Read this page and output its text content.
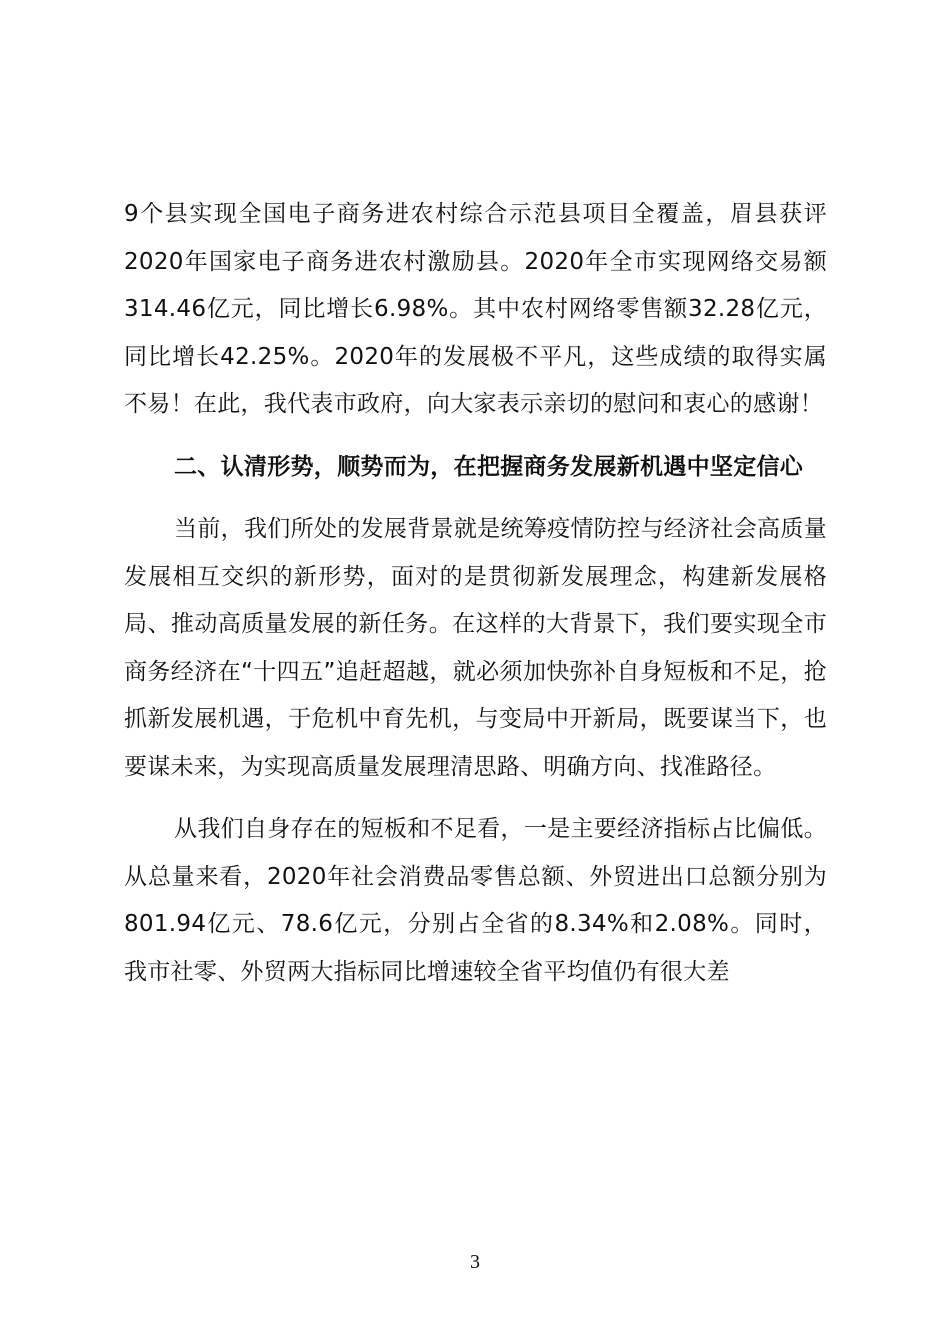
9个县实现全国电子商务进农村综合示范县项目全覆盖，眉县获评2020年国家电子商务进农村激励县。2020年全市实现网络交易额314.46亿元，同比增长6.98%。其中农村网络零售额32.28亿元，同比增长42.25%。2020年的发展极不平凡，这些成绩的取得实属不易！在此，我代表市政府，向大家表示亲切的慰问和衷心的感谢！

二、认清形势，顺势而为，在把握商务发展新机遇中坚定信心

当前，我们所处的发展背景就是统筹疫情防控与经济社会高质量发展相互交织的新形势，面对的是贯彻新发展理念，构建新发展格局、推动高质量发展的新任务。在这样的大背景下，我们要实现全市商务经济在“十四五”追赶超越，就必须加快弥补自身短板和不足，抢抓新发展机遇，于危机中育先机，与变局中开新局，既要谋当下，也要谋未来，为实现高质量发展理清思路、明确方向、找准路径。

从我们自身存在的短板和不足看，一是主要经济指标占比偏低。从总量来看，2020年社会消费品零售总额、外贸进出口总额分别为801.94亿元、78.6亿元，分别占全省的8.34%和2.08%。同时，我市社零、外贸两大指标同比增速较全省平均值仍有很大差

3
